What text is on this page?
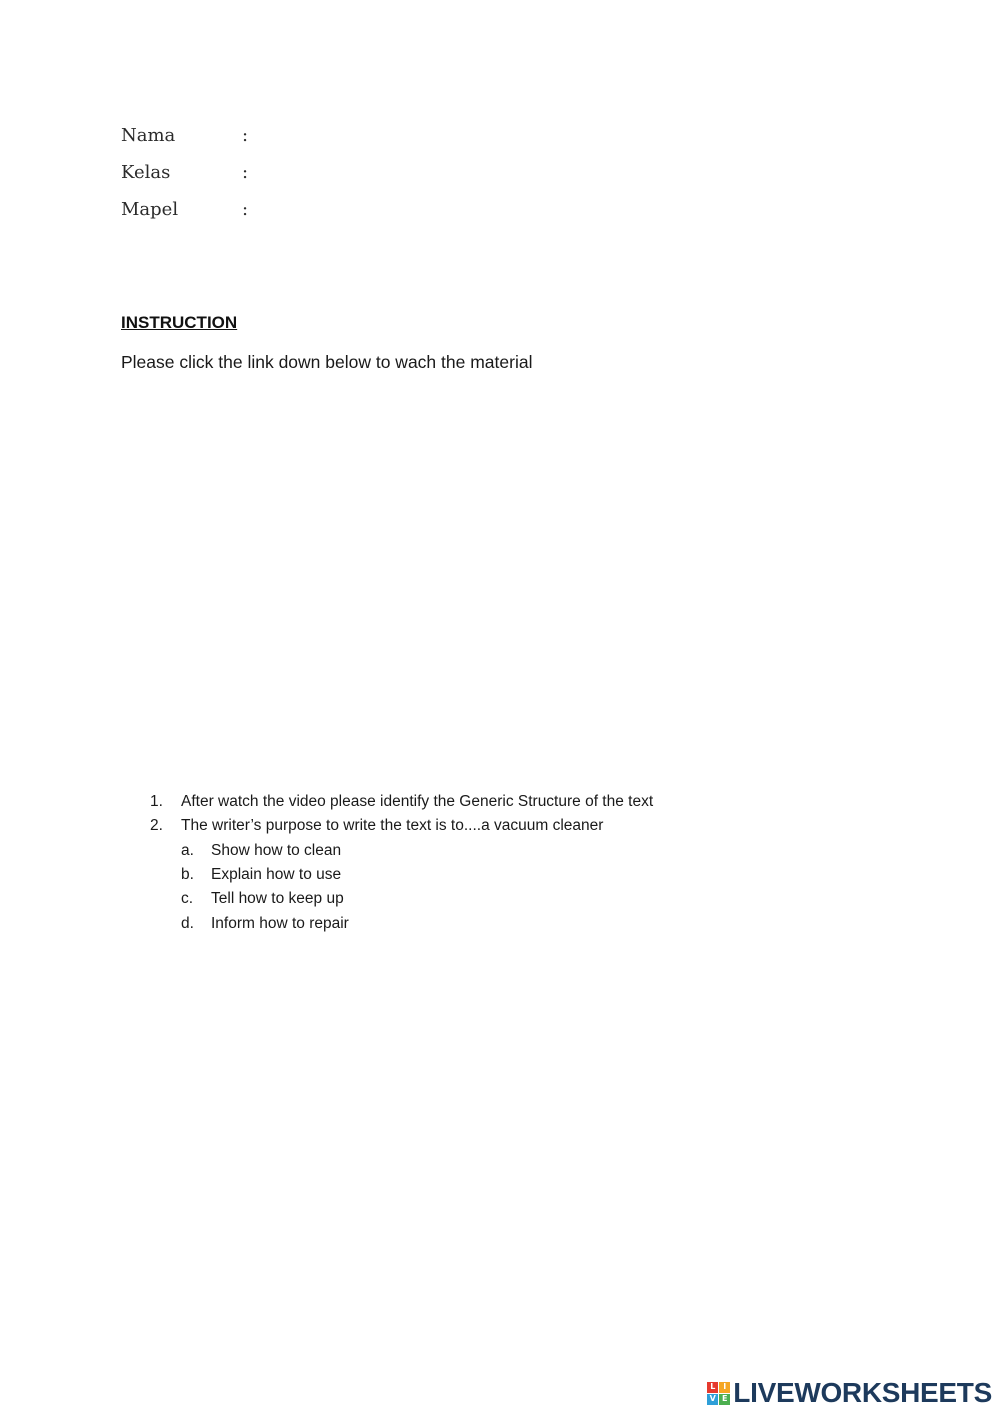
Nama	:
Kelas	:
Mapel	:
INSTRUCTION

Please click the link down below to wach the material

1.	After watch the video please identify the Generic Structure of the text
2.	The writer’s purpose to write the text is to....a vacuum cleaner
a.	Show how to clean
b.	Explain how to use
c.	Tell how to keep up
d.	Inform how to repair
L I
V E LIVEWORKSHEETS
